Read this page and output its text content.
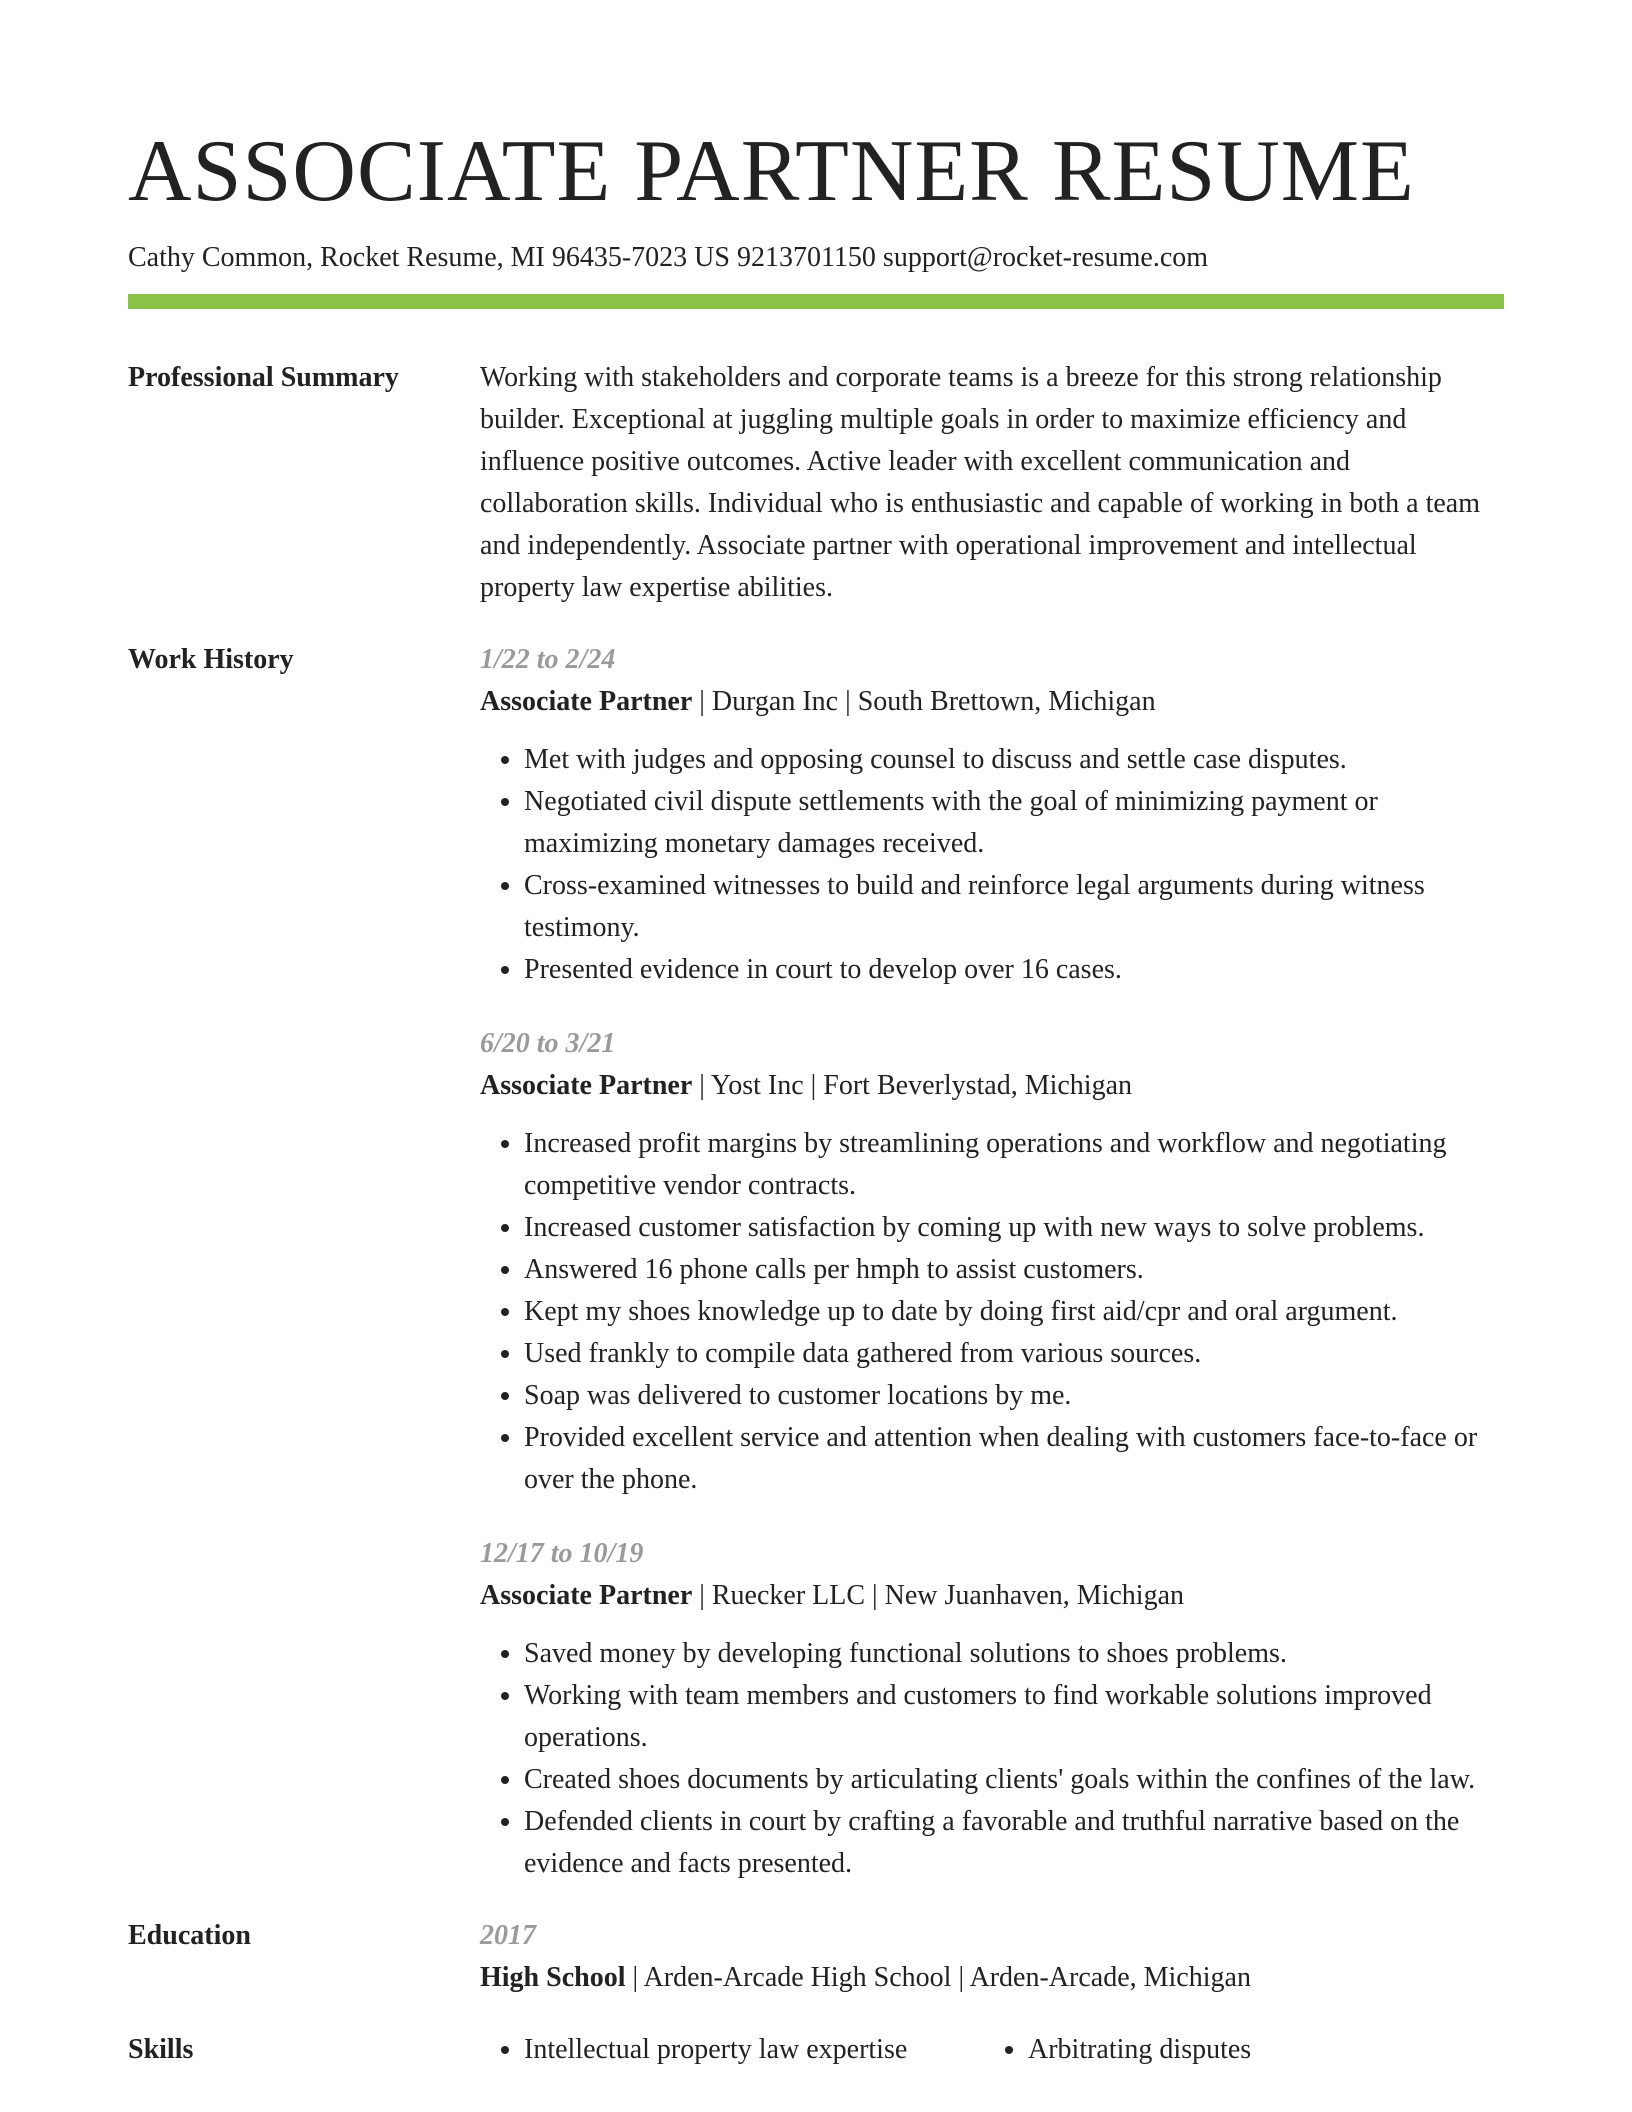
ASSOCIATE PARTNER RESUME
Cathy Common, Rocket Resume, MI 96435-7023 US 9213701150 support@rocket-resume.com
Professional Summary	Working with stakeholders and corporate teams is a breeze for this strong relationship builder. Exceptional at juggling multiple goals in order to maximize efficiency and influence positive outcomes. Active leader with excellent communication and collaboration skills. Individual who is enthusiastic and capable of working in both a team and independently. Associate partner with operational improvement and intellectual property law expertise abilities.
Work History	1/22 to 2/24
Associate Partner | Durgan Inc | South Brettown, Michigan
• Met with judges and opposing counsel to discuss and settle case disputes.
• Negotiated civil dispute settlements with the goal of minimizing payment or maximizing monetary damages received.
• Cross-examined witnesses to build and reinforce legal arguments during witness testimony.
• Presented evidence in court to develop over 16 cases.
6/20 to 3/21
Associate Partner | Yost Inc | Fort Beverlystad, Michigan
• Increased profit margins by streamlining operations and workflow and negotiating competitive vendor contracts.
• Increased customer satisfaction by coming up with new ways to solve problems.
• Answered 16 phone calls per hmph to assist customers.
• Kept my shoes knowledge up to date by doing first aid/cpr and oral argument.
• Used frankly to compile data gathered from various sources.
• Soap was delivered to customer locations by me.
• Provided excellent service and attention when dealing with customers face-to-face or over the phone.
12/17 to 10/19
Associate Partner | Ruecker LLC | New Juanhaven, Michigan
• Saved money by developing functional solutions to shoes problems.
• Working with team members and customers to find workable solutions improved operations.
• Created shoes documents by articulating clients' goals within the confines of the law.
• Defended clients in court by crafting a favorable and truthful narrative based on the evidence and facts presented.
Education	2017
High School | Arden-Arcade High School | Arden-Arcade, Michigan
Skills	• Intellectual property law expertise	• Arbitrating disputes
